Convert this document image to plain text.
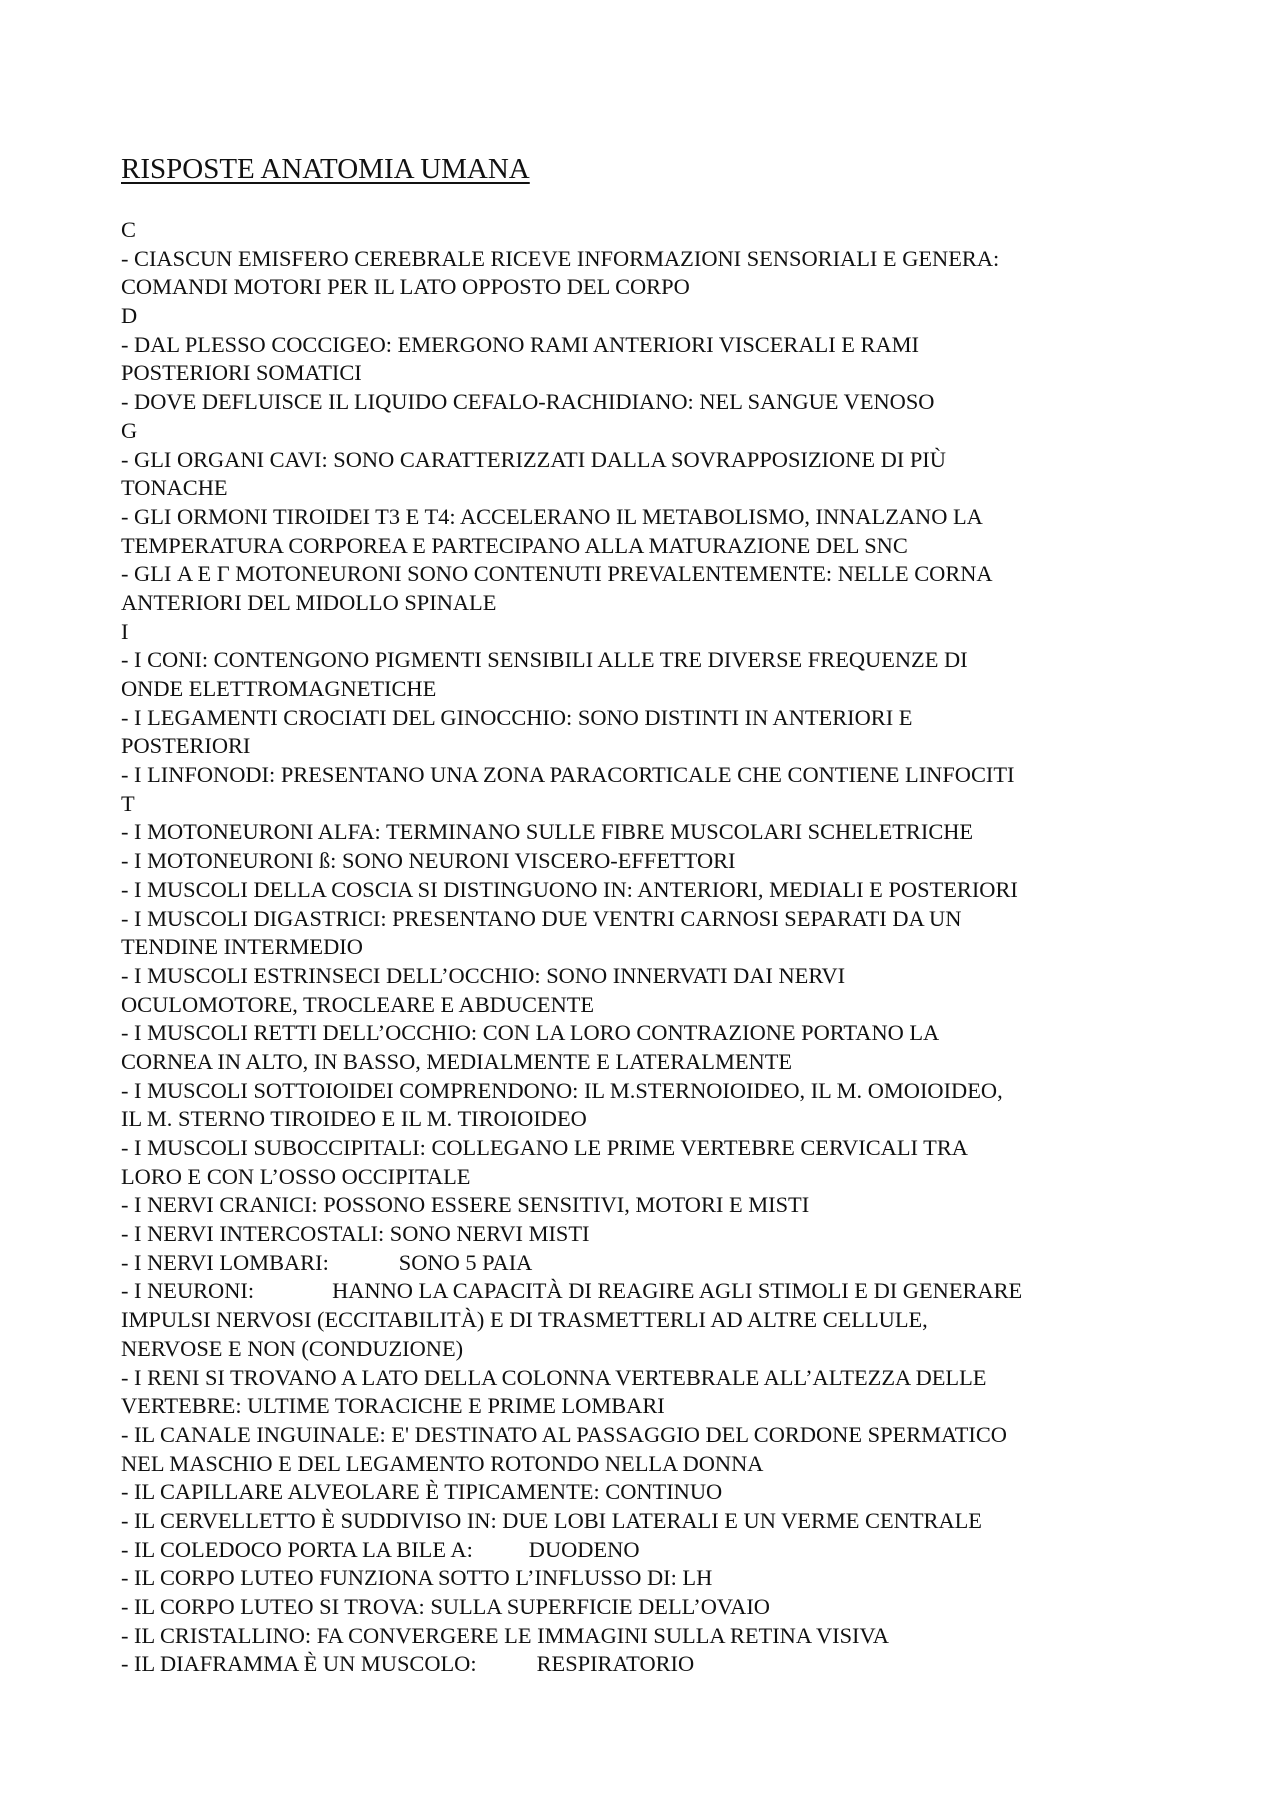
RISPOSTE ANATOMIA UMANA
C
- CIASCUN EMISFERO CEREBRALE RICEVE INFORMAZIONI SENSORIALI E GENERA:
COMANDI MOTORI PER IL LATO OPPOSTO DEL CORPO
D
- DAL PLESSO COCCIGEO: EMERGONO RAMI ANTERIORI VISCERALI E RAMI
POSTERIORI SOMATICI
- DOVE DEFLUISCE IL LIQUIDO CEFALO-RACHIDIANO: NEL SANGUE VENOSO
G
- GLI ORGANI CAVI: SONO CARATTERIZZATI DALLA SOVRAPPOSIZIONE DI PIÙ
TONACHE
- GLI ORMONI TIROIDEI T3 E T4: ACCELERANO IL METABOLISMO, INNALZANO LA
TEMPERATURA CORPOREA E PARTECIPANO ALLA MATURAZIONE DEL SNC
- GLI Α E Γ MOTONEURONI SONO CONTENUTI PREVALENTEMENTE: NELLE CORNA
ANTERIORI DEL MIDOLLO SPINALE
I
- I CONI: CONTENGONO PIGMENTI SENSIBILI ALLE TRE DIVERSE FREQUENZE DI
ONDE ELETTROMAGNETICHE
- I LEGAMENTI CROCIATI DEL GINOCCHIO: SONO DISTINTI IN ANTERIORI E
POSTERIORI
- I LINFONODI: PRESENTANO UNA ZONA PARACORTICALE CHE CONTIENE LINFOCITI
T
- I MOTONEURONI ALFA: TERMINANO SULLE FIBRE MUSCOLARI SCHELETRICHE
- I MOTONEURONI ß: SONO NEURONI VISCERO-EFFETTORI
- I MUSCOLI DELLA COSCIA SI DISTINGUONO IN: ANTERIORI, MEDIALI E POSTERIORI
- I MUSCOLI DIGASTRICI: PRESENTANO DUE VENTRI CARNOSI SEPARATI DA UN
TENDINE INTERMEDIO
- I MUSCOLI ESTRINSECI DELL’OCCHIO: SONO INNERVATI DAI NERVI
OCULOMOTORE, TROCLEARE E ABDUCENTE
- I MUSCOLI RETTI DELL’OCCHIO: CON LA LORO CONTRAZIONE PORTANO LA
CORNEA IN ALTO, IN BASSO, MEDIALMENTE E LATERALMENTE
- I MUSCOLI SOTTOIOIDEI COMPRENDONO: IL M.STERNOIOIDEO, IL M. OMOIOIDEO,
IL M. STERNO TIROIDEO E IL M. TIROIOIDEO
- I MUSCOLI SUBOCCIPITALI: COLLEGANO LE PRIME VERTEBRE CERVICALI TRA
LORO E CON L’OSSO OCCIPITALE
- I NERVI CRANICI: POSSONO ESSERE SENSITIVI, MOTORI E MISTI
- I NERVI INTERCOSTALI: SONO NERVI MISTI
- I NERVI LOMBARI:	SONO 5 PAIA
- I NEURONI:	HANNO LA CAPACITÀ DI REAGIRE AGLI STIMOLI E DI GENERARE
IMPULSI NERVOSI (ECCITABILITÀ) E DI TRASMETTERLI AD ALTRE CELLULE,
NERVOSE E NON (CONDUZIONE)
- I RENI SI TROVANO A LATO DELLA COLONNA VERTEBRALE ALL’ALTEZZA DELLE
VERTEBRE: ULTIME TORACICHE E PRIME LOMBARI
- IL CANALE INGUINALE: E' DESTINATO AL PASSAGGIO DEL CORDONE SPERMATICO
NEL MASCHIO E DEL LEGAMENTO ROTONDO NELLA DONNA
- IL CAPILLARE ALVEOLARE È TIPICAMENTE: CONTINUO
- IL CERVELLETTO È SUDDIVISO IN: DUE LOBI LATERALI E UN VERME CENTRALE
- IL COLEDOCO PORTA LA BILE A:	DUODENO
- IL CORPO LUTEO FUNZIONA SOTTO L’INFLUSSO DI: LH
- IL CORPO LUTEO SI TROVA: SULLA SUPERFICIE DELL’OVAIO
- IL CRISTALLINO: FA CONVERGERE LE IMMAGINI SULLA RETINA VISIVA
- IL DIAFRAMMA È UN MUSCOLO:	RESPIRATORIO
